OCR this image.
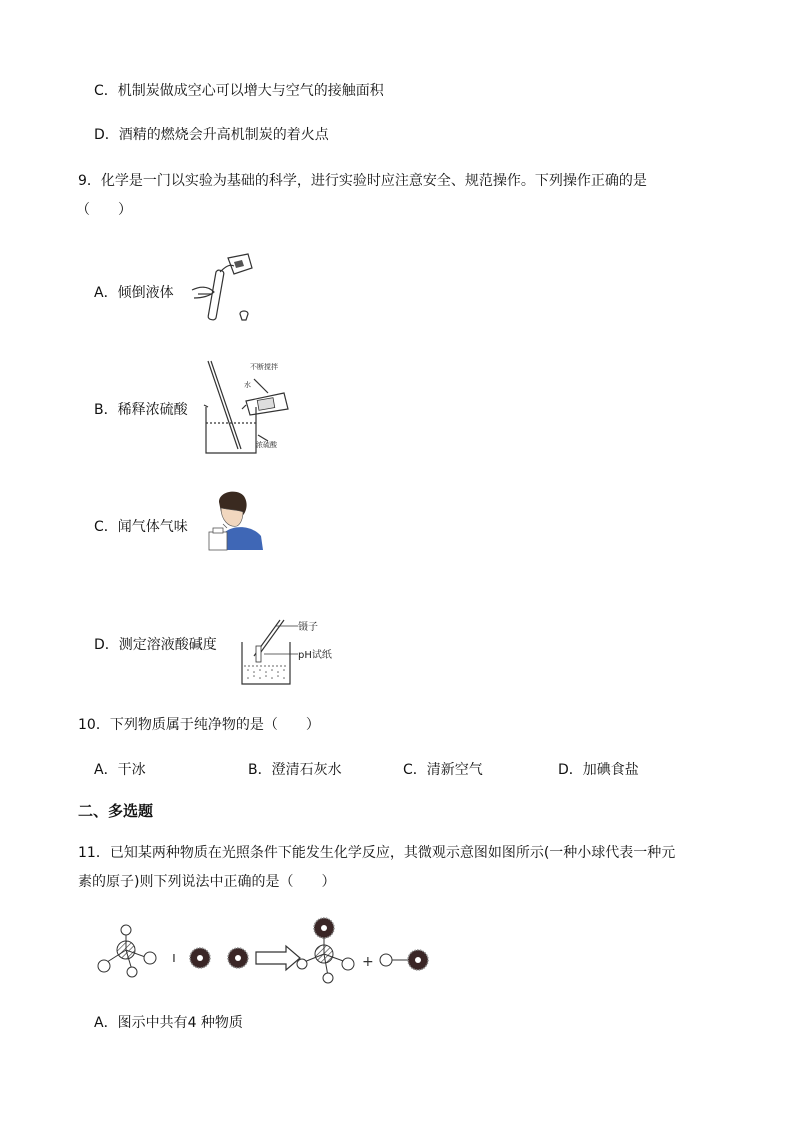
C．机制炭做成空心可以增大与空气的接触面积
D．酒精的燃烧会升高机制炭的着火点
9．化学是一门以实验为基础的科学，进行实验时应注意安全、规范操作。下列操作正确的是
（　　）
A．倾倒液体
B．稀释浓硫酸
不断搅拌
水
浓硫酸
C．闻气体气味
D．测定溶液酸碱度
镊子
pH试纸
10．下列物质属于纯净物的是（　　）
A．干冰	B．澄清石灰水	C．清新空气	D．加碘食盐
二、多选题
11．已知某两种物质在光照条件下能发生化学反应，其微观示意图如图所示(一种小球代表一种元
素的原子)则下列说法中正确的是（　　）
ı	+
A．图示中共有4 种物质
